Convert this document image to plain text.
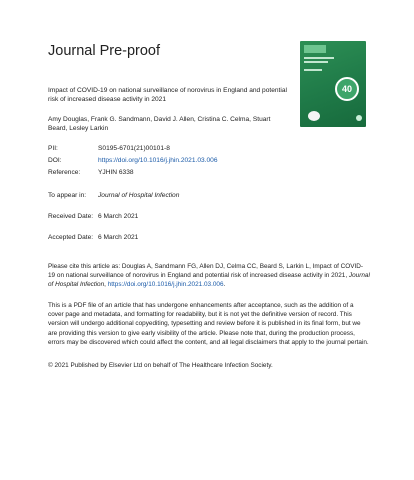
Journal Pre-proof
40
Impact of COVID-19 on national surveillance of norovirus in England and potential risk of increased disease activity in 2021
Amy Douglas, Frank G. Sandmann, David J. Allen, Cristina C. Celma, Stuart Beard, Lesley Larkin
PII:	S0195-6701(21)00101-8
DOI:	https://doi.org/10.1016/j.jhin.2021.03.006
Reference:	YJHIN 6338
To appear in: Journal of Hospital Infection
Received Date: 6 March 2021
Accepted Date: 6 March 2021
Please cite this article as: Douglas A, Sandmann FG, Allen DJ, Celma CC, Beard S, Larkin L, Impact of COVID-19 on national surveillance of norovirus in England and potential risk of increased disease activity in 2021, Journal of Hospital Infection, https://doi.org/10.1016/j.jhin.2021.03.006.
This is a PDF file of an article that has undergone enhancements after acceptance, such as the addition of a cover page and metadata, and formatting for readability, but it is not yet the definitive version of record. This version will undergo additional copyediting, typesetting and review before it is published in its final form, but we are providing this version to give early visibility of the article. Please note that, during the production process, errors may be discovered which could affect the content, and all legal disclaimers that apply to the journal pertain.
© 2021 Published by Elsevier Ltd on behalf of The Healthcare Infection Society.
